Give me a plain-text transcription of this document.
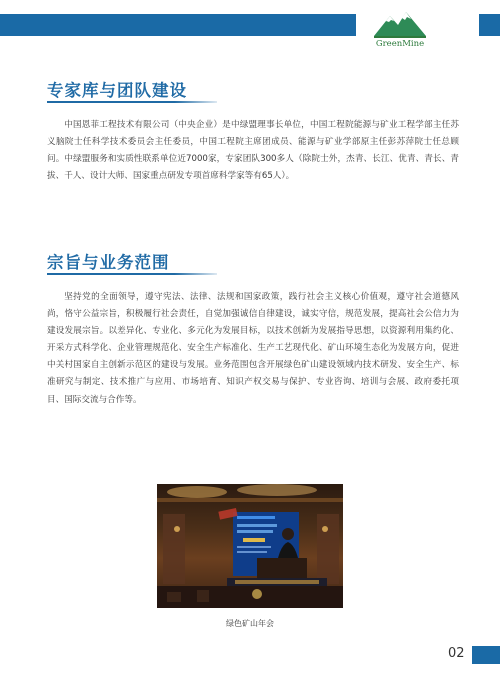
GreenMine
专家库与团队建设

中国恩菲工程技术有限公司（中央企业）是中绿盟理事长单位，中国工程院能源与矿业工程学部主任苏义脑院士任科学技术委员会主任委员，中国工程院主席团成员、能源与矿业学部原主任彭苏萍院士任总顾问。中绿盟服务和实质性联系单位近7000家，专家团队300多人（除院士外，杰青、长江、优青、青长、青拔、千人、设计大师、国家重点研发专项首席科学家等有65人）。

宗旨与业务范围

坚持党的全面领导，遵守宪法、法律、法规和国家政策，践行社会主义核心价值观，遵守社会道德风尚，恪守公益宗旨，积极履行社会责任，自觉加强诚信自律建设，诚实守信，规范发展，提高社会公信力为建设发展宗旨。以差异化、专业化、多元化为发展目标，以技术创新为发展指导思想，以资源利用集约化、开采方式科学化、企业管理规范化、安全生产标准化、生产工艺现代化、矿山环境生态化为发展方向，促进中关村国家自主创新示范区的建设与发展。业务范围包含开展绿色矿山建设领域内技术研发、安全生产、标准研究与制定、技术推广与应用、市场培育、知识产权交易与保护、专业咨询、培训与会展、政府委托项目、国际交流与合作等。

绿色矿山年会
02
